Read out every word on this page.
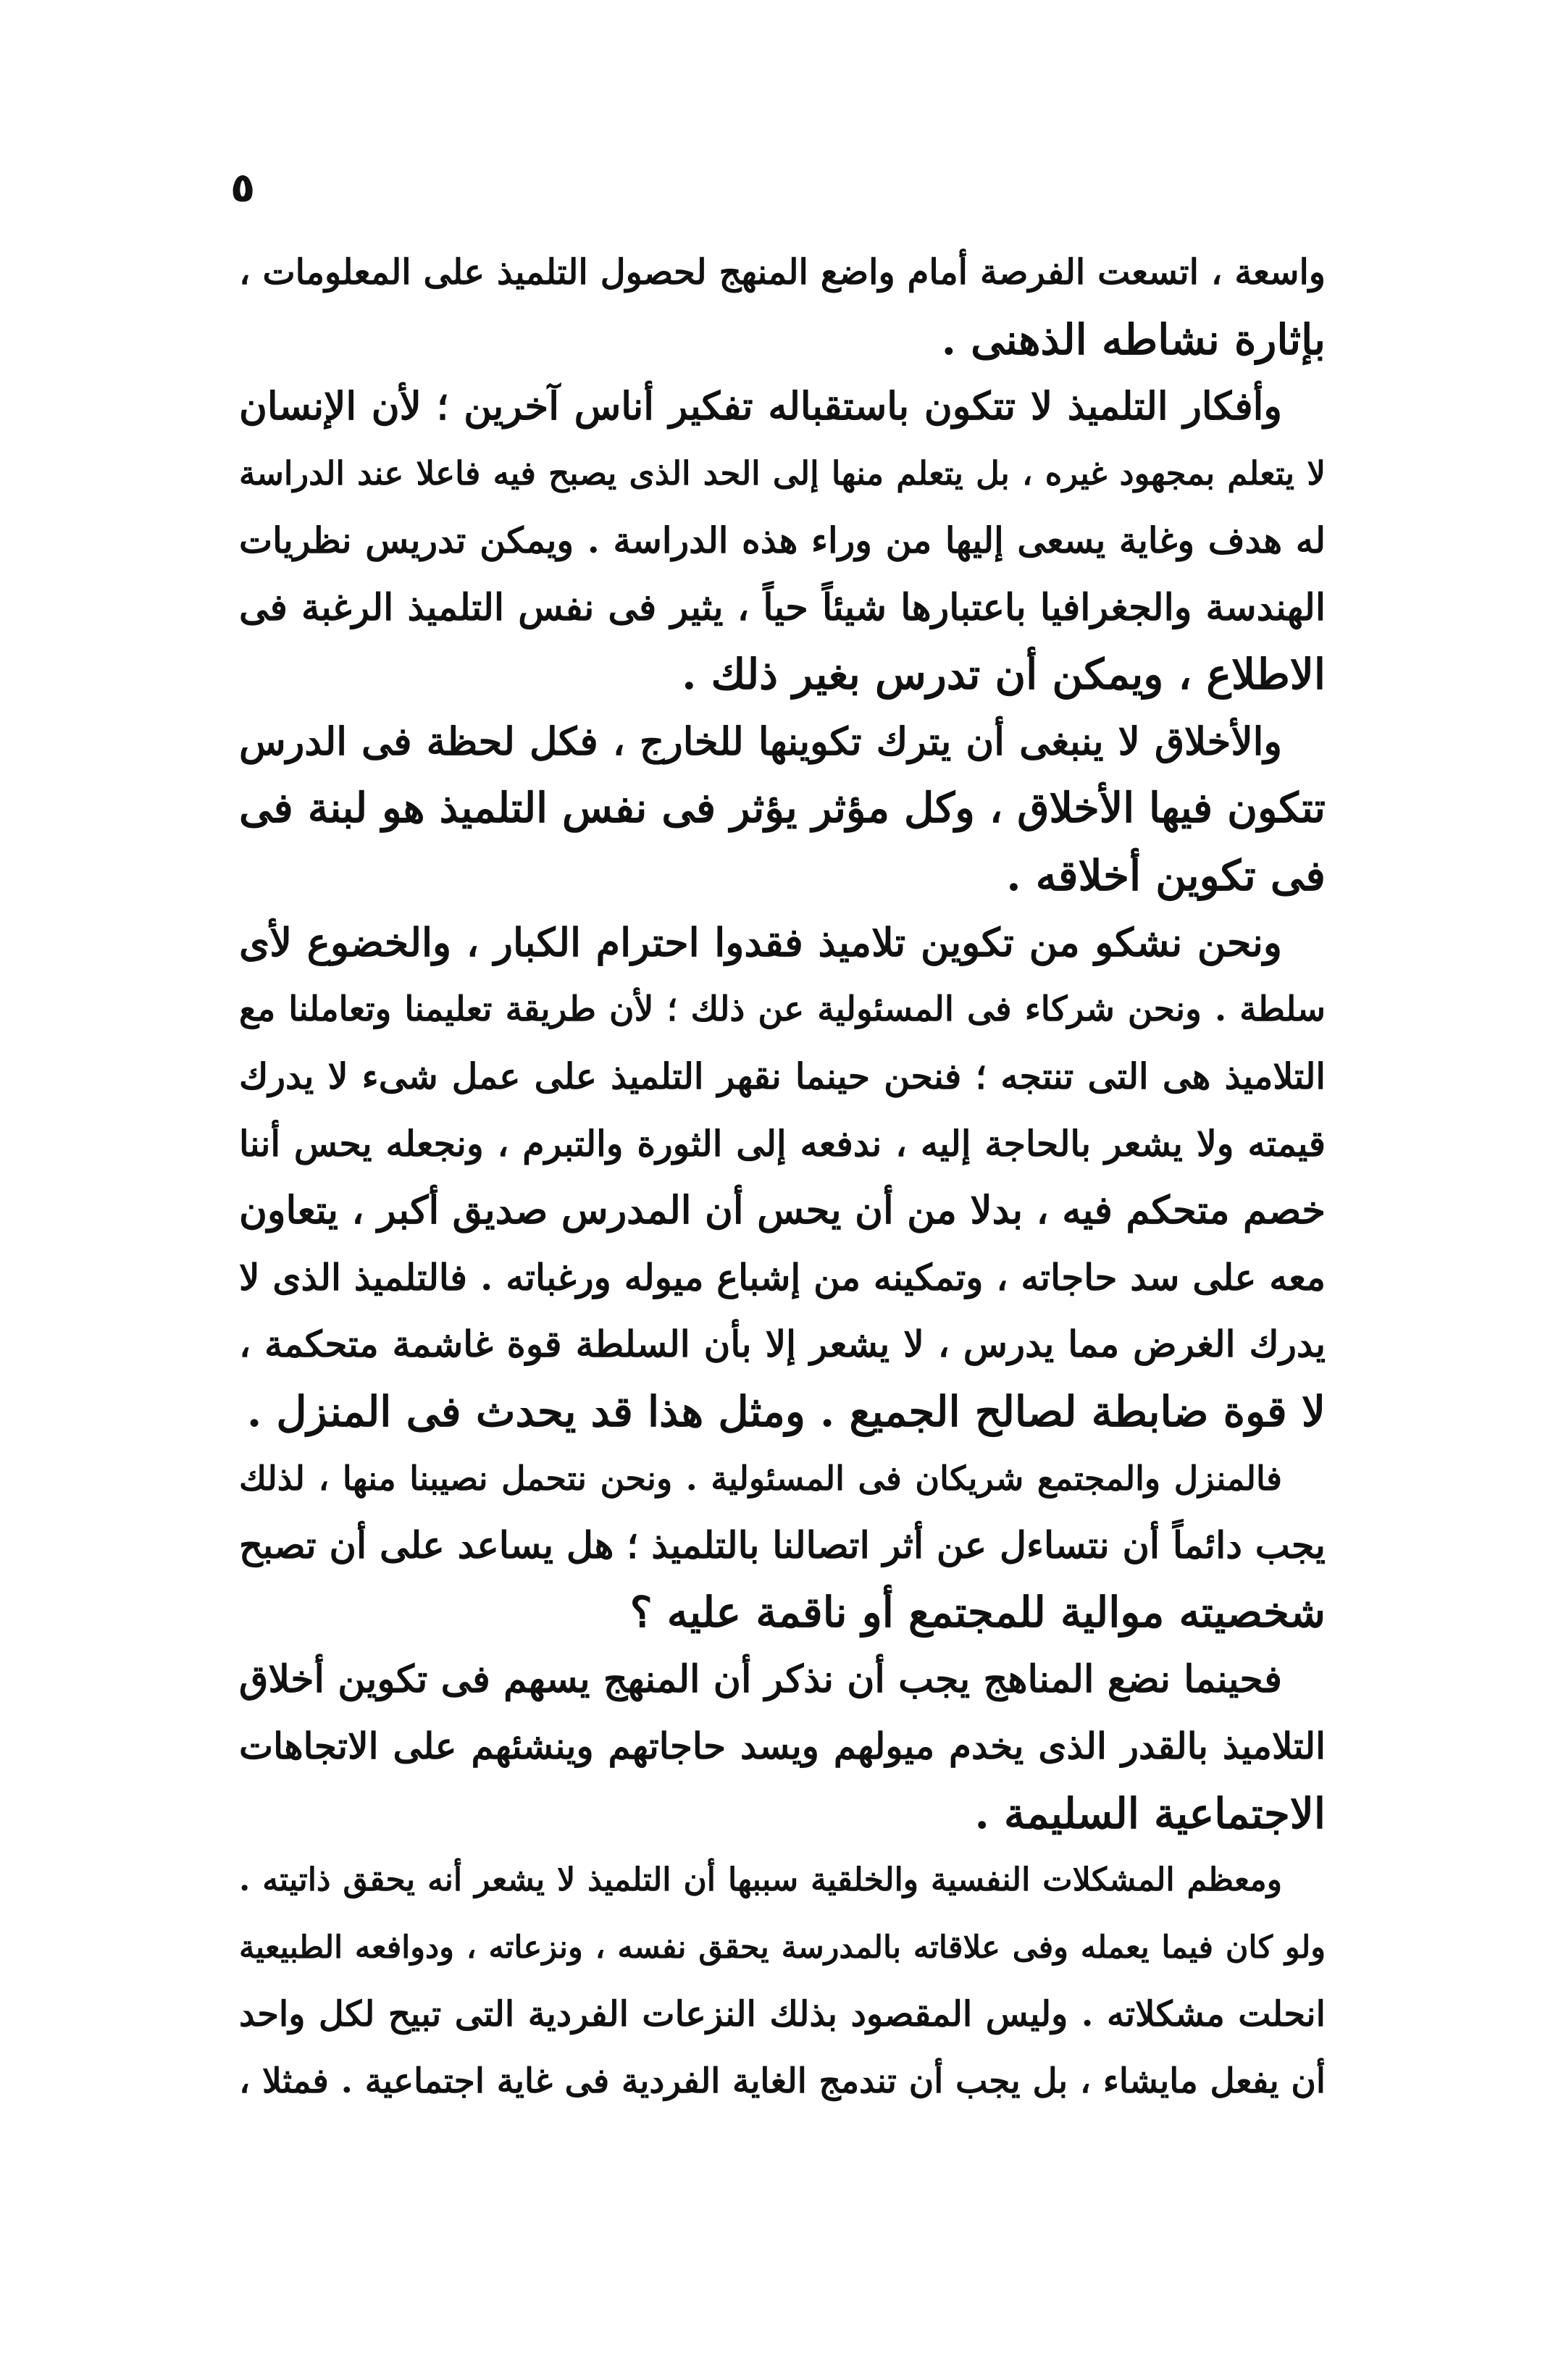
٥
واسعة ، اتسعت الفرصة أمام واضع المنهج لحصول التلميذ على المعلومات ،
بإثارة نشاطه الذهنى .
وأفكار التلميذ لا تتكون باستقباله تفكير أناس آخرين ؛ لأن الإنسان
لا يتعلم بمجهود غيره ، بل يتعلم منها إلى الحد الذى يصبح فيه فاعلا عند الدراسة
له هدف وغاية يسعى إليها من وراء هذه الدراسة . ويمكن تدريس نظريات
الهندسة والجغرافيا باعتبارها شيئاً حياً ، يثير فى نفس التلميذ الرغبة فى
الاطلاع ، ويمكن أن تدرس بغير ذلك .
والأخلاق لا ينبغى أن يترك تكوينها للخارج ، فكل لحظة فى الدرس
تتكون فيها الأخلاق ، وكل مؤثر يؤثر فى نفس التلميذ هو لبنة فى
فى تكوين أخلاقه .
ونحن نشكو من تكوين تلاميذ فقدوا احترام الكبار ، والخضوع لأى
سلطة . ونحن شركاء فى المسئولية عن ذلك ؛ لأن طريقة تعليمنا وتعاملنا مع
التلاميذ هى التى تنتجه ؛ فنحن حينما نقهر التلميذ على عمل شىء لا يدرك
قيمته ولا يشعر بالحاجة إليه ، ندفعه إلى الثورة والتبرم ، ونجعله يحس أننا
خصم متحكم فيه ، بدلا من أن يحس أن المدرس صديق أكبر ، يتعاون
معه على سد حاجاته ، وتمكينه من إشباع ميوله ورغباته . فالتلميذ الذى لا
يدرك الغرض مما يدرس ، لا يشعر إلا بأن السلطة قوة غاشمة متحكمة ،
لا قوة ضابطة لصالح الجميع . ومثل هذا قد يحدث فى المنزل .
فالمنزل والمجتمع شريكان فى المسئولية . ونحن نتحمل نصيبنا منها ، لذلك
يجب دائماً أن نتساءل عن أثر اتصالنا بالتلميذ ؛ هل يساعد على أن تصبح
شخصيته موالية للمجتمع أو ناقمة عليه ؟
فحينما نضع المناهج يجب أن نذكر أن المنهج يسهم فى تكوين أخلاق
التلاميذ بالقدر الذى يخدم ميولهم ويسد حاجاتهم وينشئهم على الاتجاهات
الاجتماعية السليمة .
ومعظم المشكلات النفسية والخلقية سببها أن التلميذ لا يشعر أنه يحقق ذاتيته .
ولو كان فيما يعمله وفى علاقاته بالمدرسة يحقق نفسه ، ونزعاته ، ودوافعه الطبيعية
انحلت مشكلاته . وليس المقصود بذلك النزعات الفردية التى تبيح لكل واحد
أن يفعل مايشاء ، بل يجب أن تندمج الغاية الفردية فى غاية اجتماعية . فمثلا ،
